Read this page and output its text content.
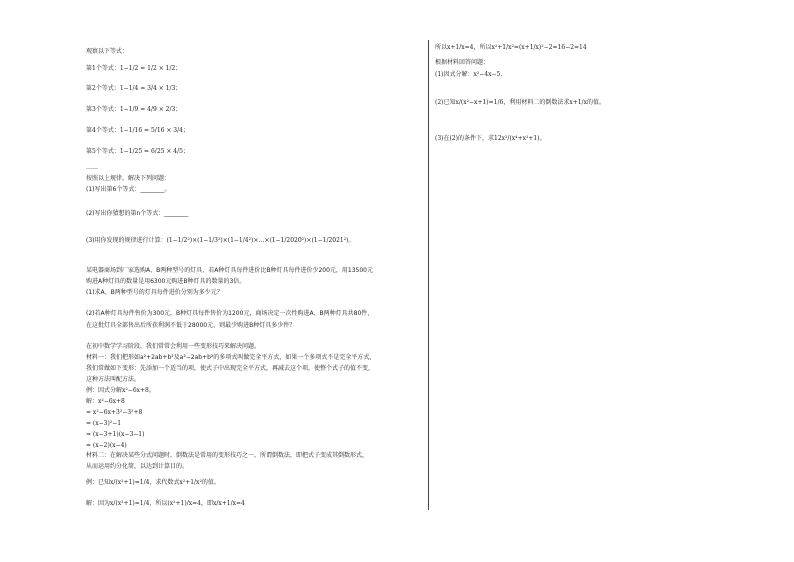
观察以下等式：
第1个等式：1−1/2 = 1/2 × 1/2；
第2个等式：1−1/4 = 3/4 × 1/3；
第3个等式：1−1/9 = 4/9 × 2/3；
第4个等式：1−1/16 = 5/16 × 3/4；
第5个等式：1−1/25 = 6/25 × 4/5；
……
按照以上规律，解决下列问题：
(1)写出第6个等式：________。
(2)写出你猜想的第n个等式：________
(3)用你发现的规律进行计算：(1−1/2²)×(1−1/3²)×(1−1/4²)×…×(1−1/2020²)×(1−1/2021²)。
某电器商场到厂家选购A、B两种型号的灯具，若A种灯具每件进价比B种灯具每件进价少200元，用13500元
购进A种灯具的数量是用6300元购进B种灯具的数量的3倍。
(1)求A、B两种型号的灯具每件进价分别为多少元？
(2)若A种灯具每件售价为300元，B种灯具每件售价为1200元，商场决定一次性购进A、B两种灯具共80件，
在这批灯具全部售出后所获利润不低于28000元，则最少购进B种灯具多少件？
在初中数学学习阶段，我们常常会利用一些变形技巧来解决问题。
材料一：我们把形如a²+2ab+b²及a²−2ab+b²的多项式叫做完全平方式，如果一个多项式不是完全平方式，
我们常做如下变形：先添加一个适当的项，使式子中出现完全平方式，再减去这个项，使整个式子的值不变，
这种方法叫配方法。
例：因式分解x²−6x+8。
解：x²−6x+8
= x²−6x+3²−3²+8
= (x−3)²−1
= (x−3+1)(x−3−1)
= (x−2)(x−4)
材料二：在解决某些分式问题时，倒数法是常用的变形技巧之一，所谓倒数法，即把式子变成其倒数形式，
从而运用约分化简，以达到计算目的。
例：已知x/(x²+1)=1/4，求代数式x²+1/x²的值。
解：因为x/(x²+1)=1/4，所以(x²+1)/x=4，即x/x+1/x=4
所以x+1/x=4，所以x²+1/x²=(x+1/x)²−2=16−2=14
根据材料回答问题：
(1)因式分解：x²−4x−5.
(2)已知x/(x²−x+1)=1/6，利用材料二的倒数法求x+1/x的值。
(3)在(2)的条件下，求12x²/(x⁴+x²+1)。
